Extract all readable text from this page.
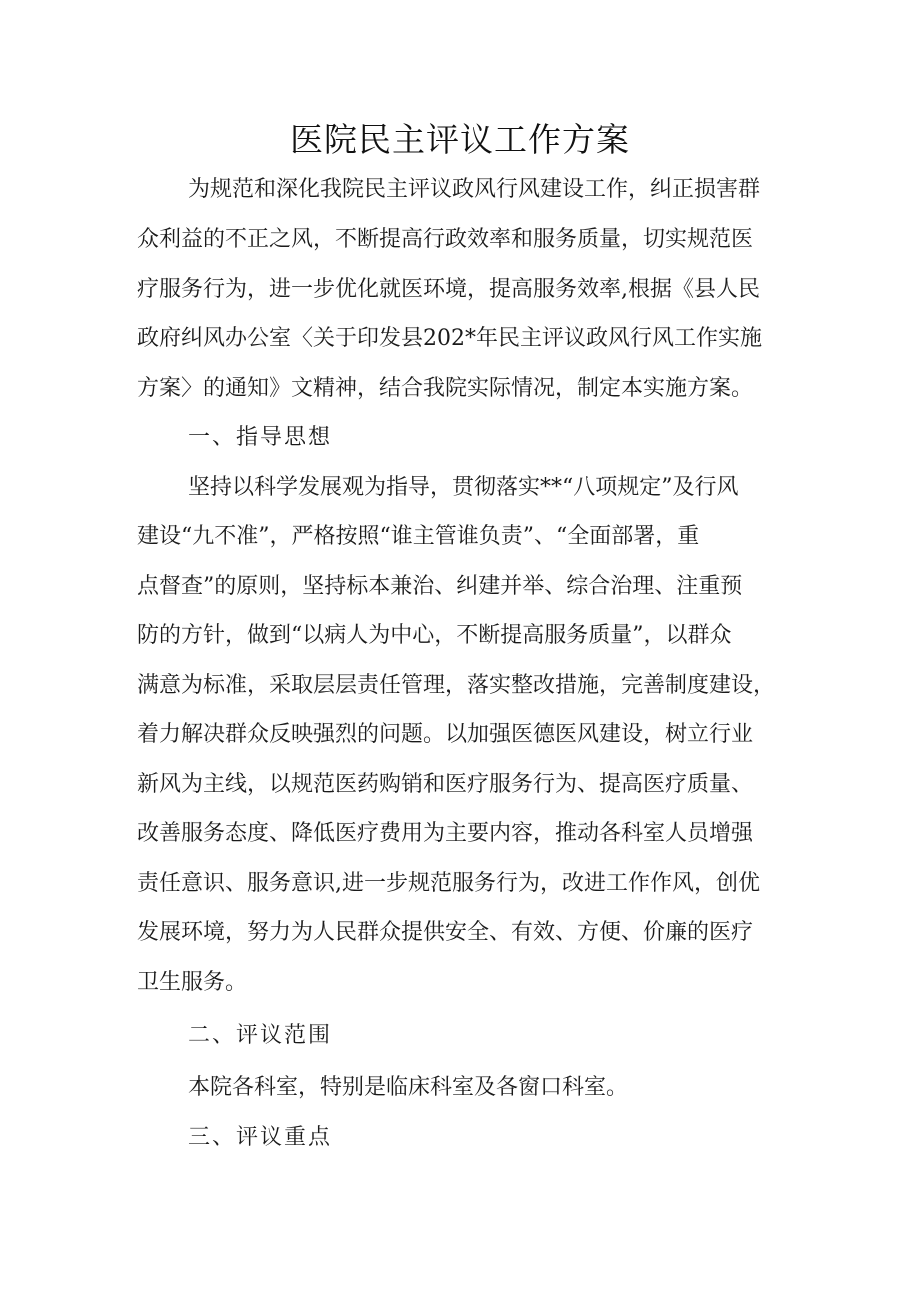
医院民主评议工作方案
为规范和深化我院民主评议政风行风建设工作，纠正损害群
众利益的不正之风，不断提高行政效率和服务质量，切实规范医
疗服务行为，进一步优化就医环境，提高服务效率,根据《县人民
政府纠风办公室〈关于印发县202*年民主评议政风行风工作实施
方案〉的通知》文精神，结合我院实际情况，制定本实施方案。
一、指导思想
坚持以科学发展观为指导，贯彻落实**“八项规定”及行风
建设“九不准”，严格按照“谁主管谁负责”、“全面部署，重
点督查”的原则，坚持标本兼治、纠建并举、综合治理、注重预
防的方针，做到“以病人为中心，不断提高服务质量”，以群众
满意为标准，采取层层责任管理，落实整改措施，完善制度建设，
着力解决群众反映强烈的问题。以加强医德医风建设，树立行业
新风为主线，以规范医药购销和医疗服务行为、提高医疗质量、
改善服务态度、降低医疗费用为主要内容，推动各科室人员增强
责任意识、服务意识,进一步规范服务行为，改进工作作风，创优
发展环境，努力为人民群众提供安全、有效、方便、价廉的医疗
卫生服务。
二、评议范围
本院各科室，特别是临床科室及各窗口科室。
三、评议重点
